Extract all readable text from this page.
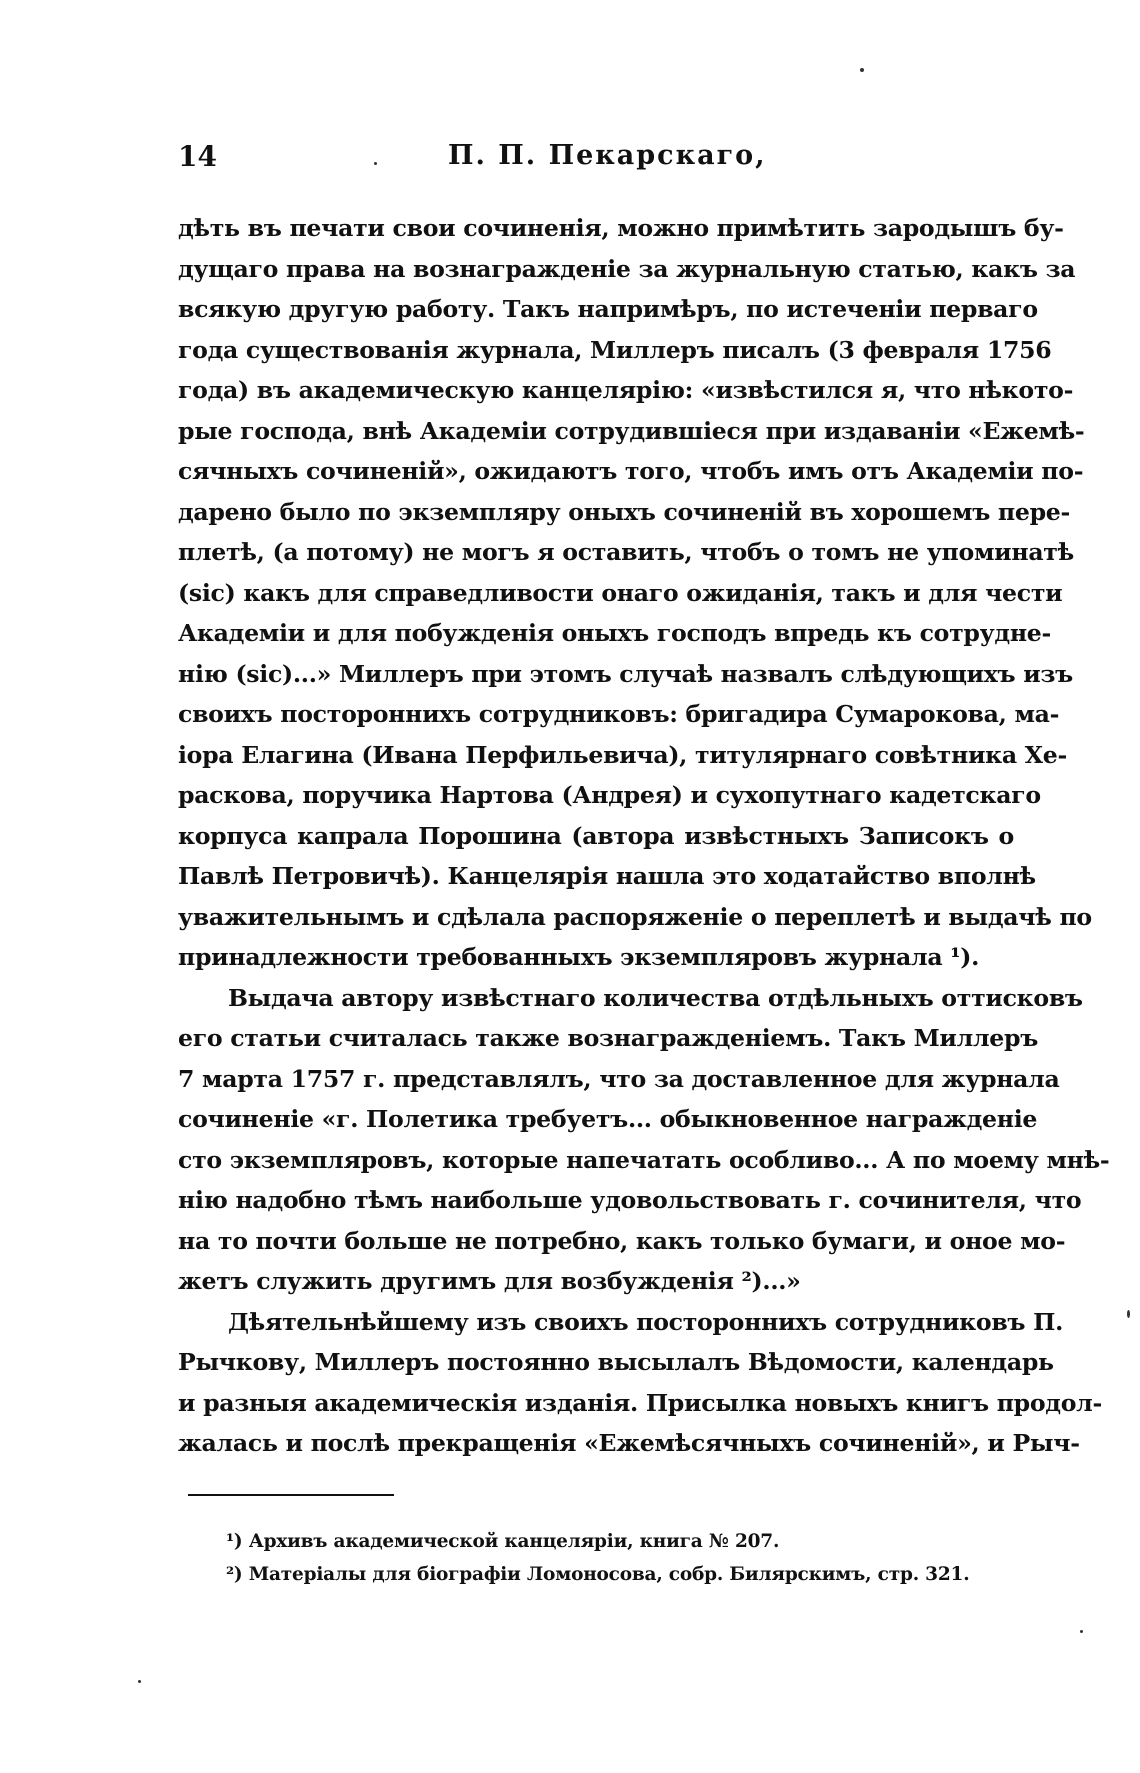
14	П. П. Пекарскаго,
дѣть въ печати свои сочиненія, можно примѣтить зародышъ бу-
дущаго права на вознагражденіе за журнальную статью, какъ за
всякую другую работу. Такъ напримѣръ, по истеченіи перваго
года существованія журнала, Миллеръ писалъ (3 февраля 1756
года) въ академическую канцелярію: «извѣстился я, что нѣкото-
рые господа, внѣ Академіи сотрудившіеся при издаваніи «Ежемѣ-
сячныхъ сочиненій», ожидаютъ того, чтобъ имъ отъ Академіи по-
дарено было по экземпляру оныхъ сочиненій въ хорошемъ пере-
плетѣ, (а потому) не могъ я оставить, чтобъ о томъ не упоминатѣ
(sic) какъ для справедливости онаго ожиданія, такъ и для чести
Академіи и для побужденія оныхъ господъ впредь къ сотрудне-
нію (sic)...» Миллеръ при этомъ случаѣ назвалъ слѣдующихъ изъ
своихъ постороннихъ сотрудниковъ: бригадира Сумарокова, ма-
іора Елагина (Ивана Перфильевича), титулярнаго совѣтника Хе-
раскова, поручика Нартова (Андрея) и сухопутнаго кадетскаго
корпуса капрала Порошина (автора извѣстныхъ Записокъ о
Павлѣ Петровичѣ). Канцелярія нашла это ходатайство вполнѣ
уважительнымъ и сдѣлала распоряженіе о переплетѣ и выдачѣ по
принадлежности требованныхъ экземпляровъ журнала ¹).
Выдача автору извѣстнаго количества отдѣльныхъ оттисковъ
его статьи считалась также вознагражденіемъ. Такъ Миллеръ
7 марта 1757 г. представлялъ, что за доставленное для журнала
сочиненіе «г. Полетика требуетъ... обыкновенное награжденіе
сто экземпляровъ, которые напечатать особливо... А по моему мнѣ-
нію надобно тѣмъ наибольше удовольствовать г. сочинителя, что
на то почти больше не потребно, какъ только бумаги, и оное мо-
жетъ служить другимъ для возбужденія ²)...»
Дѣятельнѣйшему изъ своихъ постороннихъ сотрудниковъ П.
Рычкову, Миллеръ постоянно высылалъ Вѣдомости, календарь
и разныя академическія изданія. Присылка новыхъ книгъ продол-
жалась и послѣ прекращенія «Ежемѣсячныхъ сочиненій», и Рыч-
¹) Архивъ академической канцеляріи, книга № 207.
²) Матеріалы для біографіи Ломоносова, собр. Билярскимъ, стр. 321.
